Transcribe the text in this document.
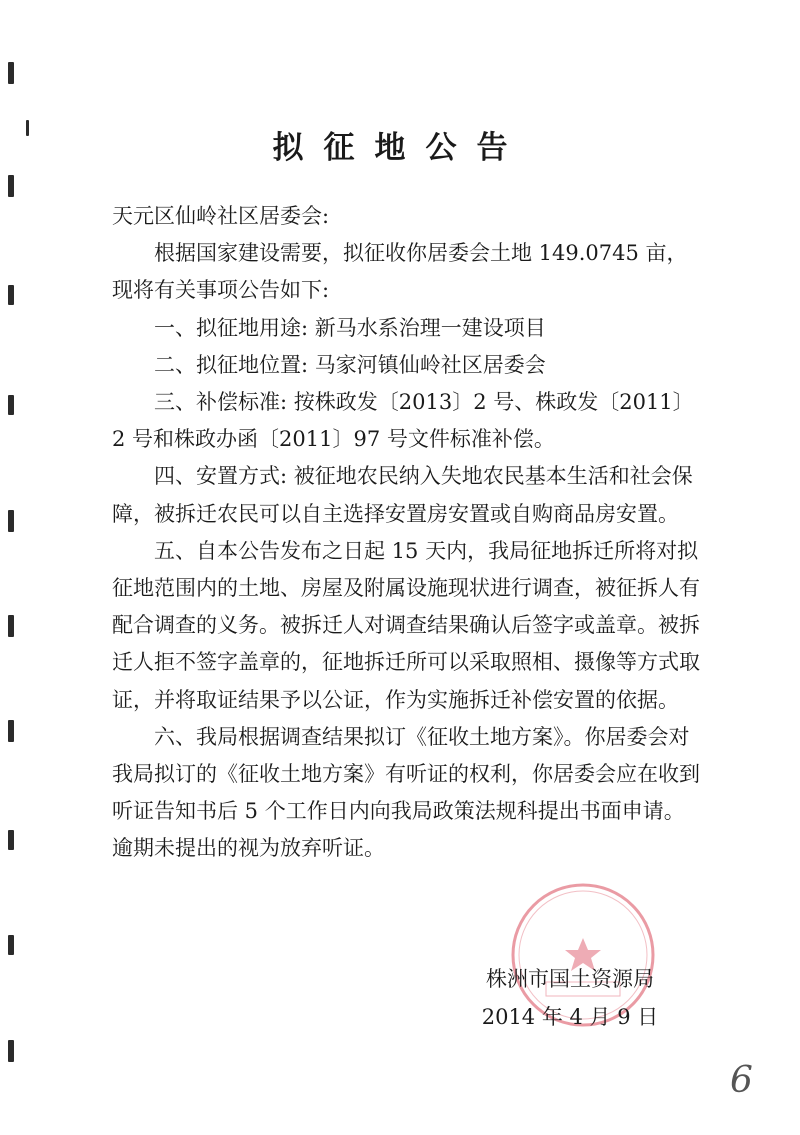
拟征地公告

天元区仙岭社区居委会:

根据国家建设需要，拟征收你居委会土地 149.0745 亩，现将有关事项公告如下:

一、拟征地用途: 新马水系治理一建设项目

二、拟征地位置: 马家河镇仙岭社区居委会

三、补偿标准: 按株政发〔2013〕2 号、株政发〔2011〕2 号和株政办函〔2011〕97 号文件标准补偿。

四、安置方式: 被征地农民纳入失地农民基本生活和社会保障，被拆迁农民可以自主选择安置房安置或自购商品房安置。

五、自本公告发布之日起 15 天内，我局征地拆迁所将对拟征地范围内的土地、房屋及附属设施现状进行调查，被征拆人有配合调查的义务。被拆迁人对调查结果确认后签字或盖章。被拆迁人拒不签字盖章的，征地拆迁所可以采取照相、摄像等方式取证，并将取证结果予以公证，作为实施拆迁补偿安置的依据。

六、我局根据调查结果拟订《征收土地方案》。你居委会对我局拟订的《征收土地方案》有听证的权利，你居委会应在收到听证告知书后 5 个工作日内向我局政策法规科提出书面申请。逾期未提出的视为放弃听证。

株洲市国土资源局
2014 年 4 月 9 日
6
